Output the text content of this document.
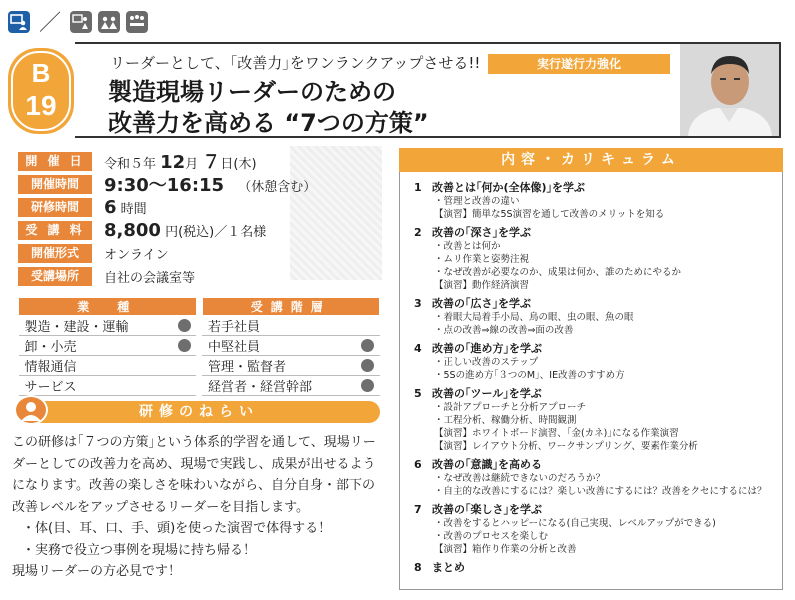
／
B
19
リーダーとして、｢改善力｣をワンランクアップさせる!!
製造現場リーダーのための
改善力を高める “7つの方策”
実行遂行力強化
開 催 日	令和５年 12月 ７日(木)
開催時間	9:30～16:15 （休憩含む）
研修時間	6 時間
受 講 料	8,800 円(税込)／１名様
開催形式	オンライン
受講場所	自社の会議室等
業　種			受講階層	
製造・建設・運輸			若手社員	
卸・小売			中堅社員	
情報通信			管理・監督者	
サービス			経営者・経営幹部	
研修のねらい

この研修は｢７つの方策｣という体系的学習を通して、現場リーダーとしての改善力を高め、現場で実践し、成果が出せるようになります。改善の楽しさを味わいながら、自分自身・部下の改善レベルをアップさせるリーダーを目指します。

・体(目、耳、口、手、頭)を使った演習で体得する！

・実務で役立つ事例を現場に持ち帰る！

現場リーダーの方必見です！

内容・カリキュラム
1 改善とは｢何か(全体像)｣を学ぶ
・管理と改善の違い
【演習】簡単な5S演習を通して改善のメリットを知る
2 改善の｢深さ｣を学ぶ
・改善とは何か
・ムリ作業と姿勢注視
・なぜ改善が必要なのか、成果は何か、誰のためにやるか
【演習】動作経済演習
3 改善の｢広さ｣を学ぶ
・着眼大局着手小局、鳥の眼、虫の眼、魚の眼
・点の改善⇒線の改善⇒面の改善
4 改善の｢進め方｣を学ぶ
・正しい改善のステップ
・5Sの進め方｢３つのM｣、IE改善のすすめ方
5 改善の｢ツール｣を学ぶ
・設計アプローチと分析アプローチ
・工程分析、稼働分析、時間観測
【演習】ホワイトボード演習、｢金(カネ)｣になる作業演習
【演習】レイアウト分析、ワークサンプリング、要素作業分析
6 改善の｢意識｣を高める
・なぜ改善は継続できないのだろうか？
・自主的な改善にするには？楽しい改善にするには？改善をクセにするには？
7 改善の｢楽しさ｣を学ぶ
・改善をするとハッピーになる(自己実現、レベルアップができる)
・改善のプロセスを楽しむ
【演習】箱作り作業の分析と改善
8 まとめ
